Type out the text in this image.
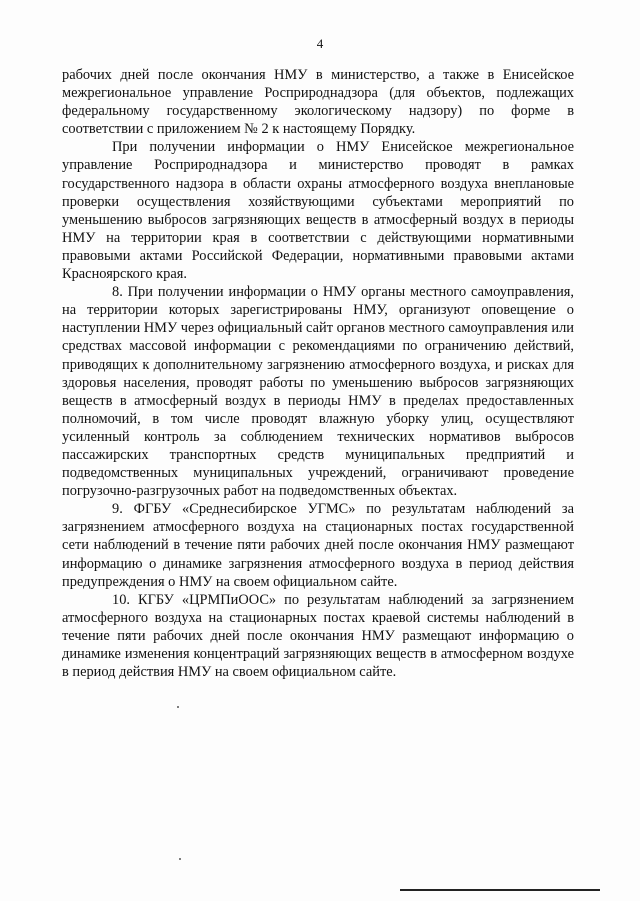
4

рабочих дней после окончания НМУ в министерство, а также в Енисейское межрегиональное управление Росприроднадзора (для объектов, подлежащих федеральному государственному экологическому надзору) по форме в соответствии с приложением № 2 к настоящему Порядку.

При получении информации о НМУ Енисейское межрегиональное управление Росприроднадзора и министерство проводят в рамках государственного надзора в области охраны атмосферного воздуха внеплановые проверки осуществления хозяйствующими субъектами мероприятий по уменьшению выбросов загрязняющих веществ в атмосферный воздух в периоды НМУ на территории края в соответствии с действующими нормативными правовыми актами Российской Федерации, нормативными правовыми актами Красноярского края.

8. При получении информации о НМУ органы местного самоуправления, на территории которых зарегистрированы НМУ, организуют оповещение о наступлении НМУ через официальный сайт органов местного самоуправления или средствах массовой информации с рекомендациями по ограничению действий, приводящих к дополнительному загрязнению атмосферного воздуха, и рисках для здоровья населения, проводят работы по уменьшению выбросов загрязняющих веществ в атмосферный воздух в периоды НМУ в пределах предоставленных полномочий, в том числе проводят влажную уборку улиц, осуществляют усиленный контроль за соблюдением технических нормативов выбросов пассажирских транспортных средств муниципальных предприятий и подведомственных муниципальных учреждений, ограничивают проведение погрузочно-разгрузочных работ на подведомственных объектах.

9. ФГБУ «Среднесибирское УГМС» по результатам наблюдений за загрязнением атмосферного воздуха на стационарных постах государственной сети наблюдений в течение пяти рабочих дней после окончания НМУ размещают информацию о динамике загрязнения атмосферного воздуха в период действия предупреждения о НМУ на своем официальном сайте.

10. КГБУ «ЦРМПиООС» по результатам наблюдений за загрязнением атмосферного воздуха на стационарных постах краевой системы наблюдений в течение пяти рабочих дней после окончания НМУ размещают информацию о динамике изменения концентраций загрязняющих веществ в атмосферном воздухе в период действия НМУ на своем официальном сайте.
